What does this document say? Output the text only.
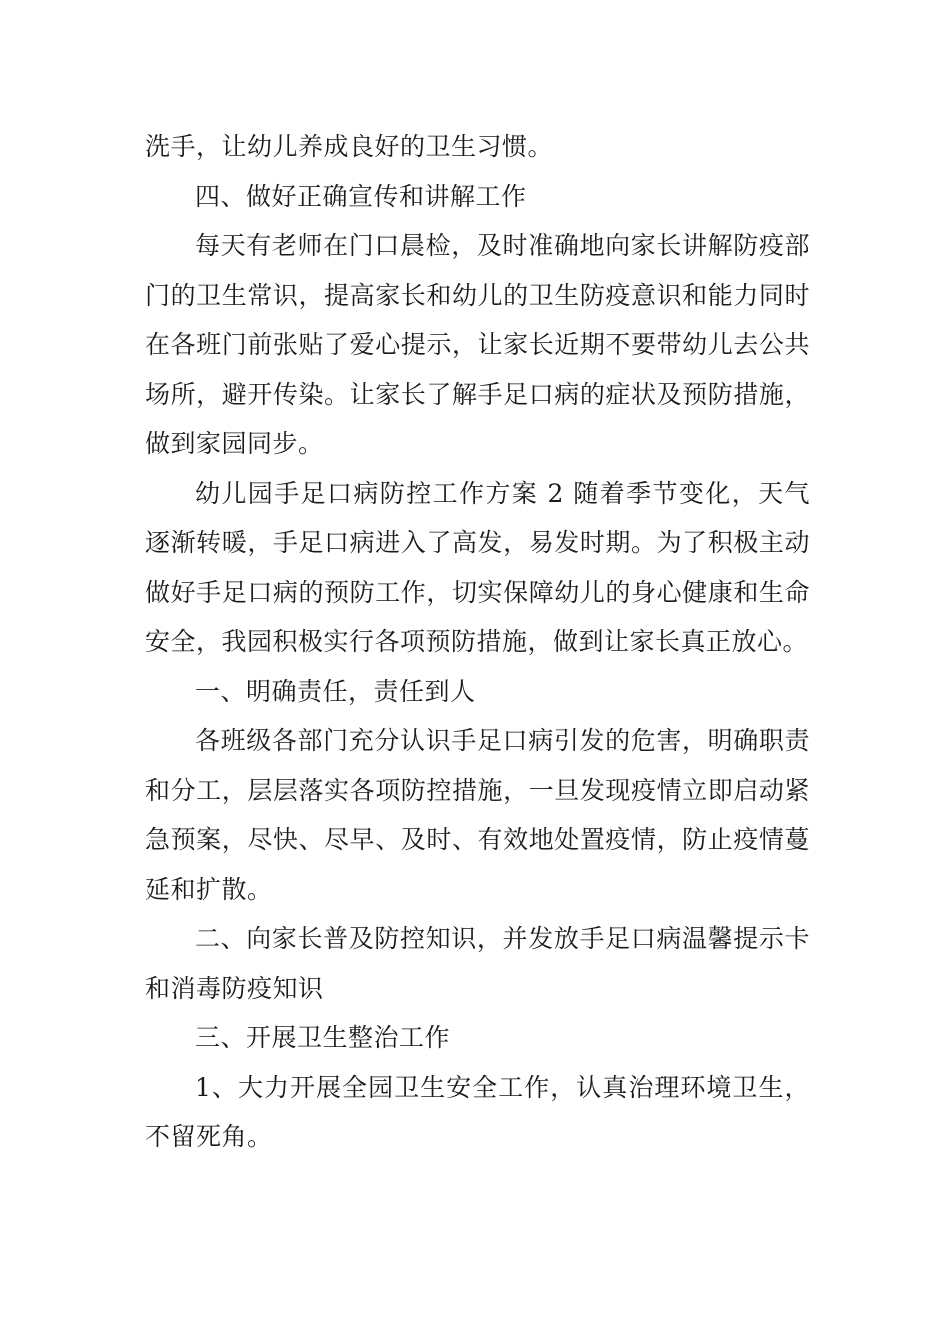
洗手，让幼儿养成良好的卫生习惯。

四、做好正确宣传和讲解工作

每天有老师在门口晨检，及时准确地向家长讲解防疫部门的卫生常识，提高家长和幼儿的卫生防疫意识和能力同时在各班门前张贴了爱心提示，让家长近期不要带幼儿去公共场所，避开传染。让家长了解手足口病的症状及预防措施，做到家园同步。

幼儿园手足口病防控工作方案 2 随着季节变化，天气逐渐转暖，手足口病进入了高发，易发时期。为了积极主动做好手足口病的预防工作，切实保障幼儿的身心健康和生命安全，我园积极实行各项预防措施，做到让家长真正放心。

一、明确责任，责任到人

各班级各部门充分认识手足口病引发的危害，明确职责和分工，层层落实各项防控措施，一旦发现疫情立即启动紧急预案，尽快、尽早、及时、有效地处置疫情，防止疫情蔓延和扩散。

二、向家长普及防控知识，并发放手足口病温馨提示卡和消毒防疫知识

三、开展卫生整治工作

1、大力开展全园卫生安全工作，认真治理环境卫生，不留死角。
